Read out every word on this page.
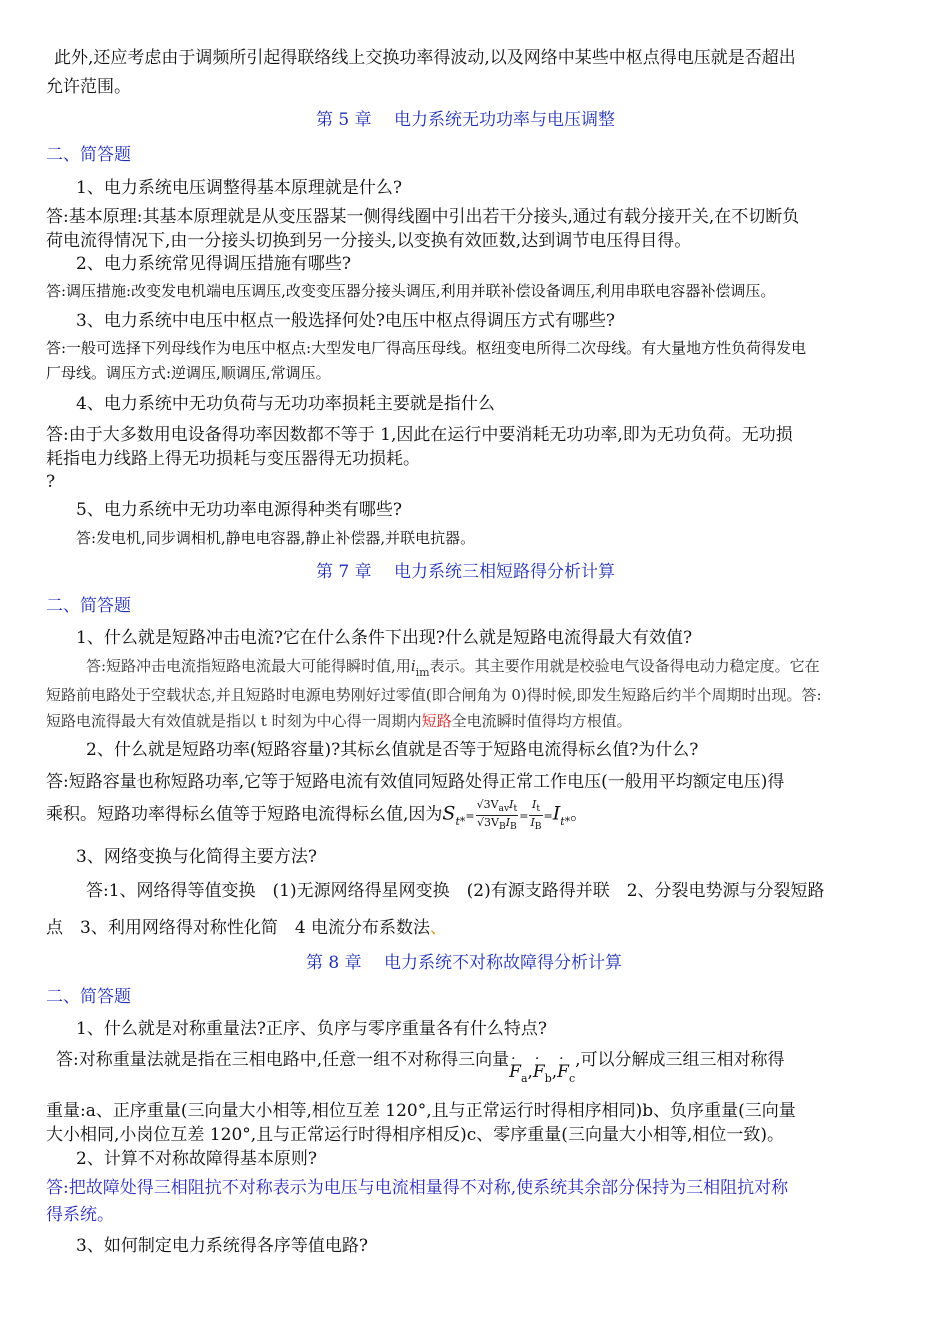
此外,还应考虑由于调频所引起得联络线上交换功率得波动,以及网络中某些中枢点得电压就是否超出
允许范围。
第 5 章　 电力系统无功功率与电压调整
二、简答题
1、电力系统电压调整得基本原理就是什么?
答:基本原理:其基本原理就是从变压器某一侧得线圈中引出若干分接头,通过有载分接开关,在不切断负
荷电流得情况下,由一分接头切换到另一分接头,以变换有效匝数,达到调节电压得目得。
2、电力系统常见得调压措施有哪些?
答:调压措施:改变发电机端电压调压,改变变压器分接头调压,利用并联补偿设备调压,利用串联电容器补偿调压。
3、电力系统中电压中枢点一般选择何处?电压中枢点得调压方式有哪些?
答:一般可选择下列母线作为电压中枢点:大型发电厂得高压母线。枢纽变电所得二次母线。有大量地方性负荷得发电
厂母线。调压方式:逆调压,顺调压,常调压。
4、电力系统中无功负荷与无功功率损耗主要就是指什么
答:由于大多数用电设备得功率因数都不等于 1,因此在运行中要消耗无功功率,即为无功负荷。无功损
耗指电力线路上得无功损耗与变压器得无功损耗。
?
5、电力系统中无功功率电源得种类有哪些?
答:发电机,同步调相机,静电电容器,静止补偿器,并联电抗器。
第 7 章　 电力系统三相短路得分析计算
二、简答题
1、什么就是短路冲击电流?它在什么条件下出现?什么就是短路电流得最大有效值?
答:短路冲击电流指短路电流最大可能得瞬时值,用$i_{im}$表示。其主要作用就是校验电气设备得电动力稳定度。它在
短路前电路处于空载状态,并且短路时电源电势刚好过零值(即合闸角为 0)得时候,即发生短路后约半个周期时出现。答:
短路电流得最大有效值就是指以 t 时刻为中心得一周期内短路全电流瞬时值得均方根值。
2、什么就是短路功率(短路容量)?其标幺值就是否等于短路电流得标幺值?为什么?
答:短路容量也称短路功率,它等于短路电流有效值同短路处得正常工作电压(一般用平均额定电压)得
乘积。短路功率得标幺值等于短路电流得标幺值,因为$S_{t*}= \frac{√3V_{av}I_t}{√3V_BI_B} = \frac{I_t}{I_B} =I_{t*}$。
3、网络变换与化简得主要方法?
答:1、网络得等值变换　(1)无源网络得星网变换　(2)有源支路得并联　2、分裂电势源与分裂短路
点　3、利用网络得对称性化简　4 电流分布系数法、
第 8 章　 电力系统不对称故障得分析计算
二、简答题
1、什么就是对称重量法?正序、负序与零序重量各有什么特点?
答:对称重量法就是指在三相电路中,任意一组不对称得三向量· $F_a,\cdot F_b,\cdot F_c$,可以分解成三组三相对称得
重量:a、正序重量(三向量大小相等,相位互差 120°,且与正常运行时得相序相同)b、负序重量(三向量
大小相同,小岗位互差 120°,且与正常运行时得相序相反)c、零序重量(三向量大小相等,相位一致)。
2、计算不对称故障得基本原则?
答:把故障处得三相阻抗不对称表示为电压与电流相量得不对称,使系统其余部分保持为三相阻抗对称
得系统。
3、如何制定电力系统得各序等值电路?
